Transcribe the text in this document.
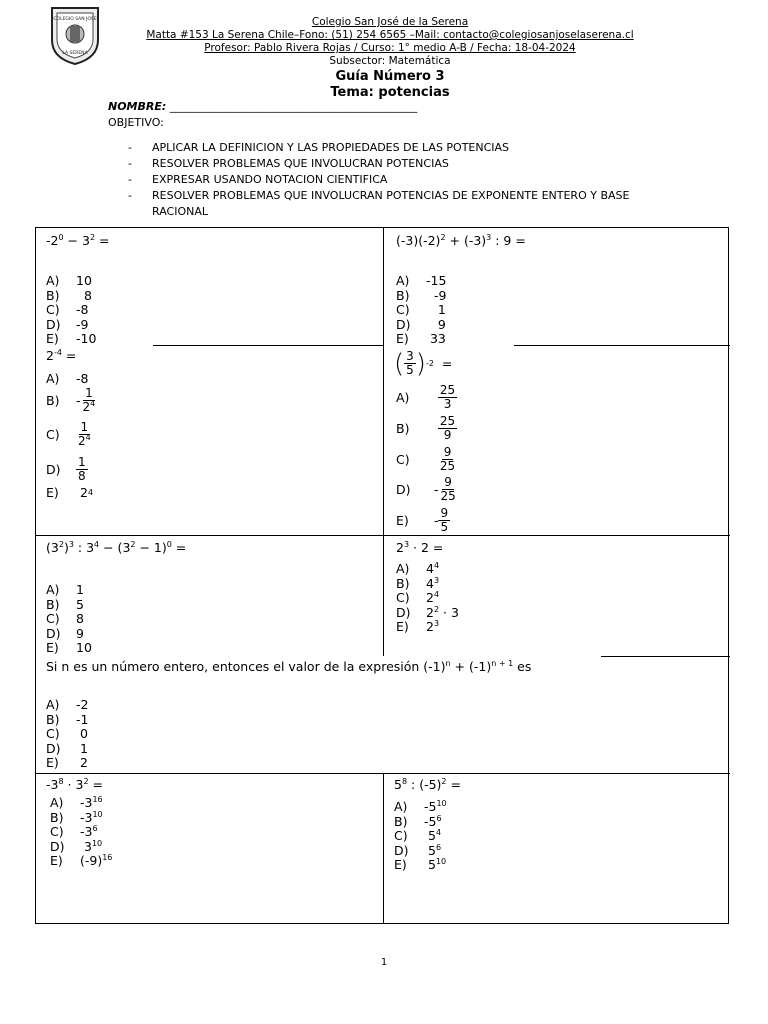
COLEGIO SAN JOSE
LA SERENA
Colegio San José de la Serena
Matta #153 La Serena Chile–Fono: (51) 254 6565 –Mail: contacto@colegiosanjoselaserena.cl
Profesor: Pablo Rivera Rojas / Curso: 1° medio A-B / Fecha: 18-04-2024
Subsector: Matemática
Guía Número 3
Tema: potencias
NOMBRE: _____________________________________________
OBJETIVO:
- APLICAR LA DEFINICION Y LAS PROPIEDADES DE LAS POTENCIAS
- RESOLVER PROBLEMAS QUE INVOLUCRAN POTENCIAS
- EXPRESAR USANDO NOTACION CIENTIFICA
- RESOLVER PROBLEMAS QUE INVOLUCRAN POTENCIAS DE EXPONENTE ENTERO Y BASE RACIONAL
$-2^0 - 3^2$ =
A) 10
B) 8
C) -8
D) -9
E) -10
$(-3)(-2)^2 + (-3)^3$ : 9 =
A) -15
B) -9
C) 1
D) 9
E) 33
$2^{-4}$ =
A)	-8
B)	- $\frac{1}{2^4}$
C)	$\frac{1}{2^4}$
D)	$\frac{1}{8}$
E)
	2 4
( $\frac{3}{5}$ ) -2 =
A)
	$\frac{25}{3}$
B)
	$\frac{25}{9}$
C)
	$\frac{9}{25}$
D)	- $\frac{9}{25}$
E)	- $\frac{9}{5}$
$(3^2)^3$ : $3^4 - (3^2 - 1)^0$ =
A) 1
B) 5
C) 8
D) 9
E) 10
$2^3 \cdot 2$ =
A) $4^4$
B) $4^3$
C) $2^4$
D) $2^2 \cdot 3$
E) $2^3$
Si n es un número entero, entonces el valor de la expresión $(-1)^n + (-1)^{n + 1}$ es
A) -2
B) -1
C) 0
D) 1
E) 2
$-3^8 \cdot 3^2$ =
A) $-3^{16}$
B) $-3^{10}$
C) $-3^6$
D) $3^{10}$
E) $(-9)^{16}$
$5^8$ : $(-5)^2$ =
A) $-5^{10}$
B) $-5^6$
C) $5^4$
D) $5^6$
E) $5^{10}$
1
